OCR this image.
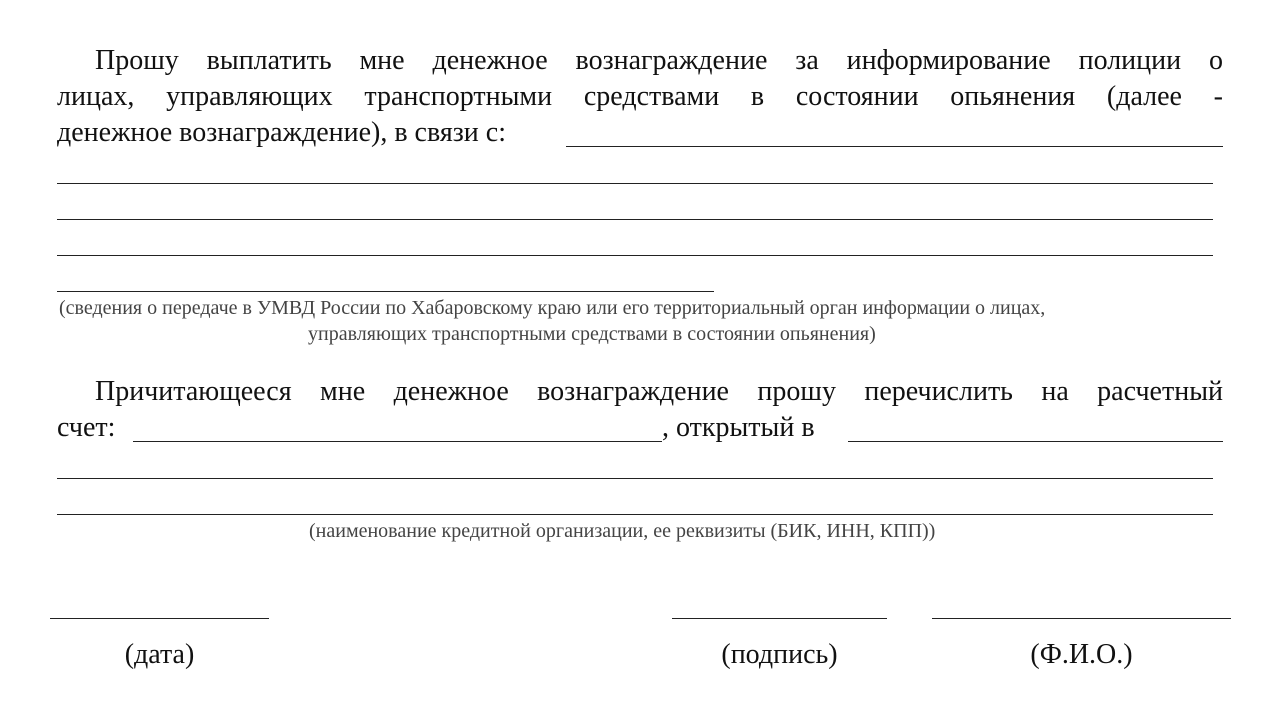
Прошу выплатить мне денежное вознаграждение за информирование полиции о
лицах, управляющих транспортными средствами в состоянии опьянения (далее -
денежное вознаграждение), в связи с:
(сведения о передаче в УМВД России по Хабаровскому краю или его территориальный орган информации о лицах,
управляющих транспортными средствами в состоянии опьянения)
Причитающееся мне денежное вознаграждение прошу перечислить на расчетный
счет:	, открытый в
(наименование кредитной организации, ее реквизиты (БИК, ИНН, КПП))
(дата)	(подпись)	(Ф.И.О.)
